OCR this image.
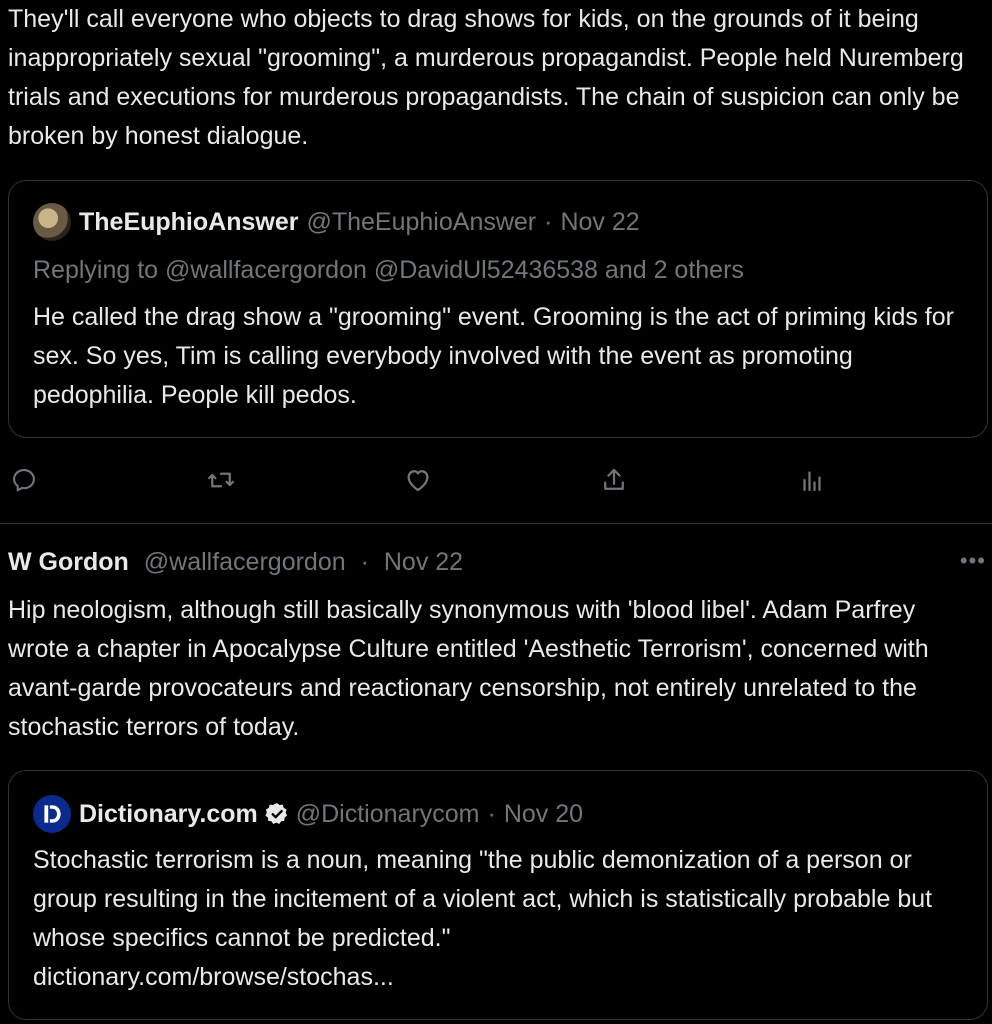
They'll call everyone who objects to drag shows for kids, on the grounds of it being inappropriately sexual "grooming", a murderous propagandist. People held Nuremberg trials and executions for murderous propagandists. The chain of suspicion can only be broken by honest dialogue.
TheEuphioAnswer @TheEuphioAnswer · Nov 22
Replying to @wallfacergordon @DavidUl52436538 and 2 others
He called the drag show a "grooming" event. Grooming is the act of priming kids for sex. So yes, Tim is calling everybody involved with the event as promoting pedophilia. People kill pedos.
W Gordon @wallfacergordon · Nov 22	•••
Hip neologism, although still basically synonymous with 'blood libel'. Adam Parfrey wrote a chapter in Apocalypse Culture entitled 'Aesthetic Terrorism', concerned with avant-garde provocateurs and reactionary censorship, not entirely unrelated to the stochastic terrors of today.
Dictionary.com @Dictionarycom · Nov 20
Stochastic terrorism is a noun, meaning "the public demonization of a person or group resulting in the incitement of a violent act, which is statistically probable but whose specifics cannot be predicted."
dictionary.com/browse/stochas...
